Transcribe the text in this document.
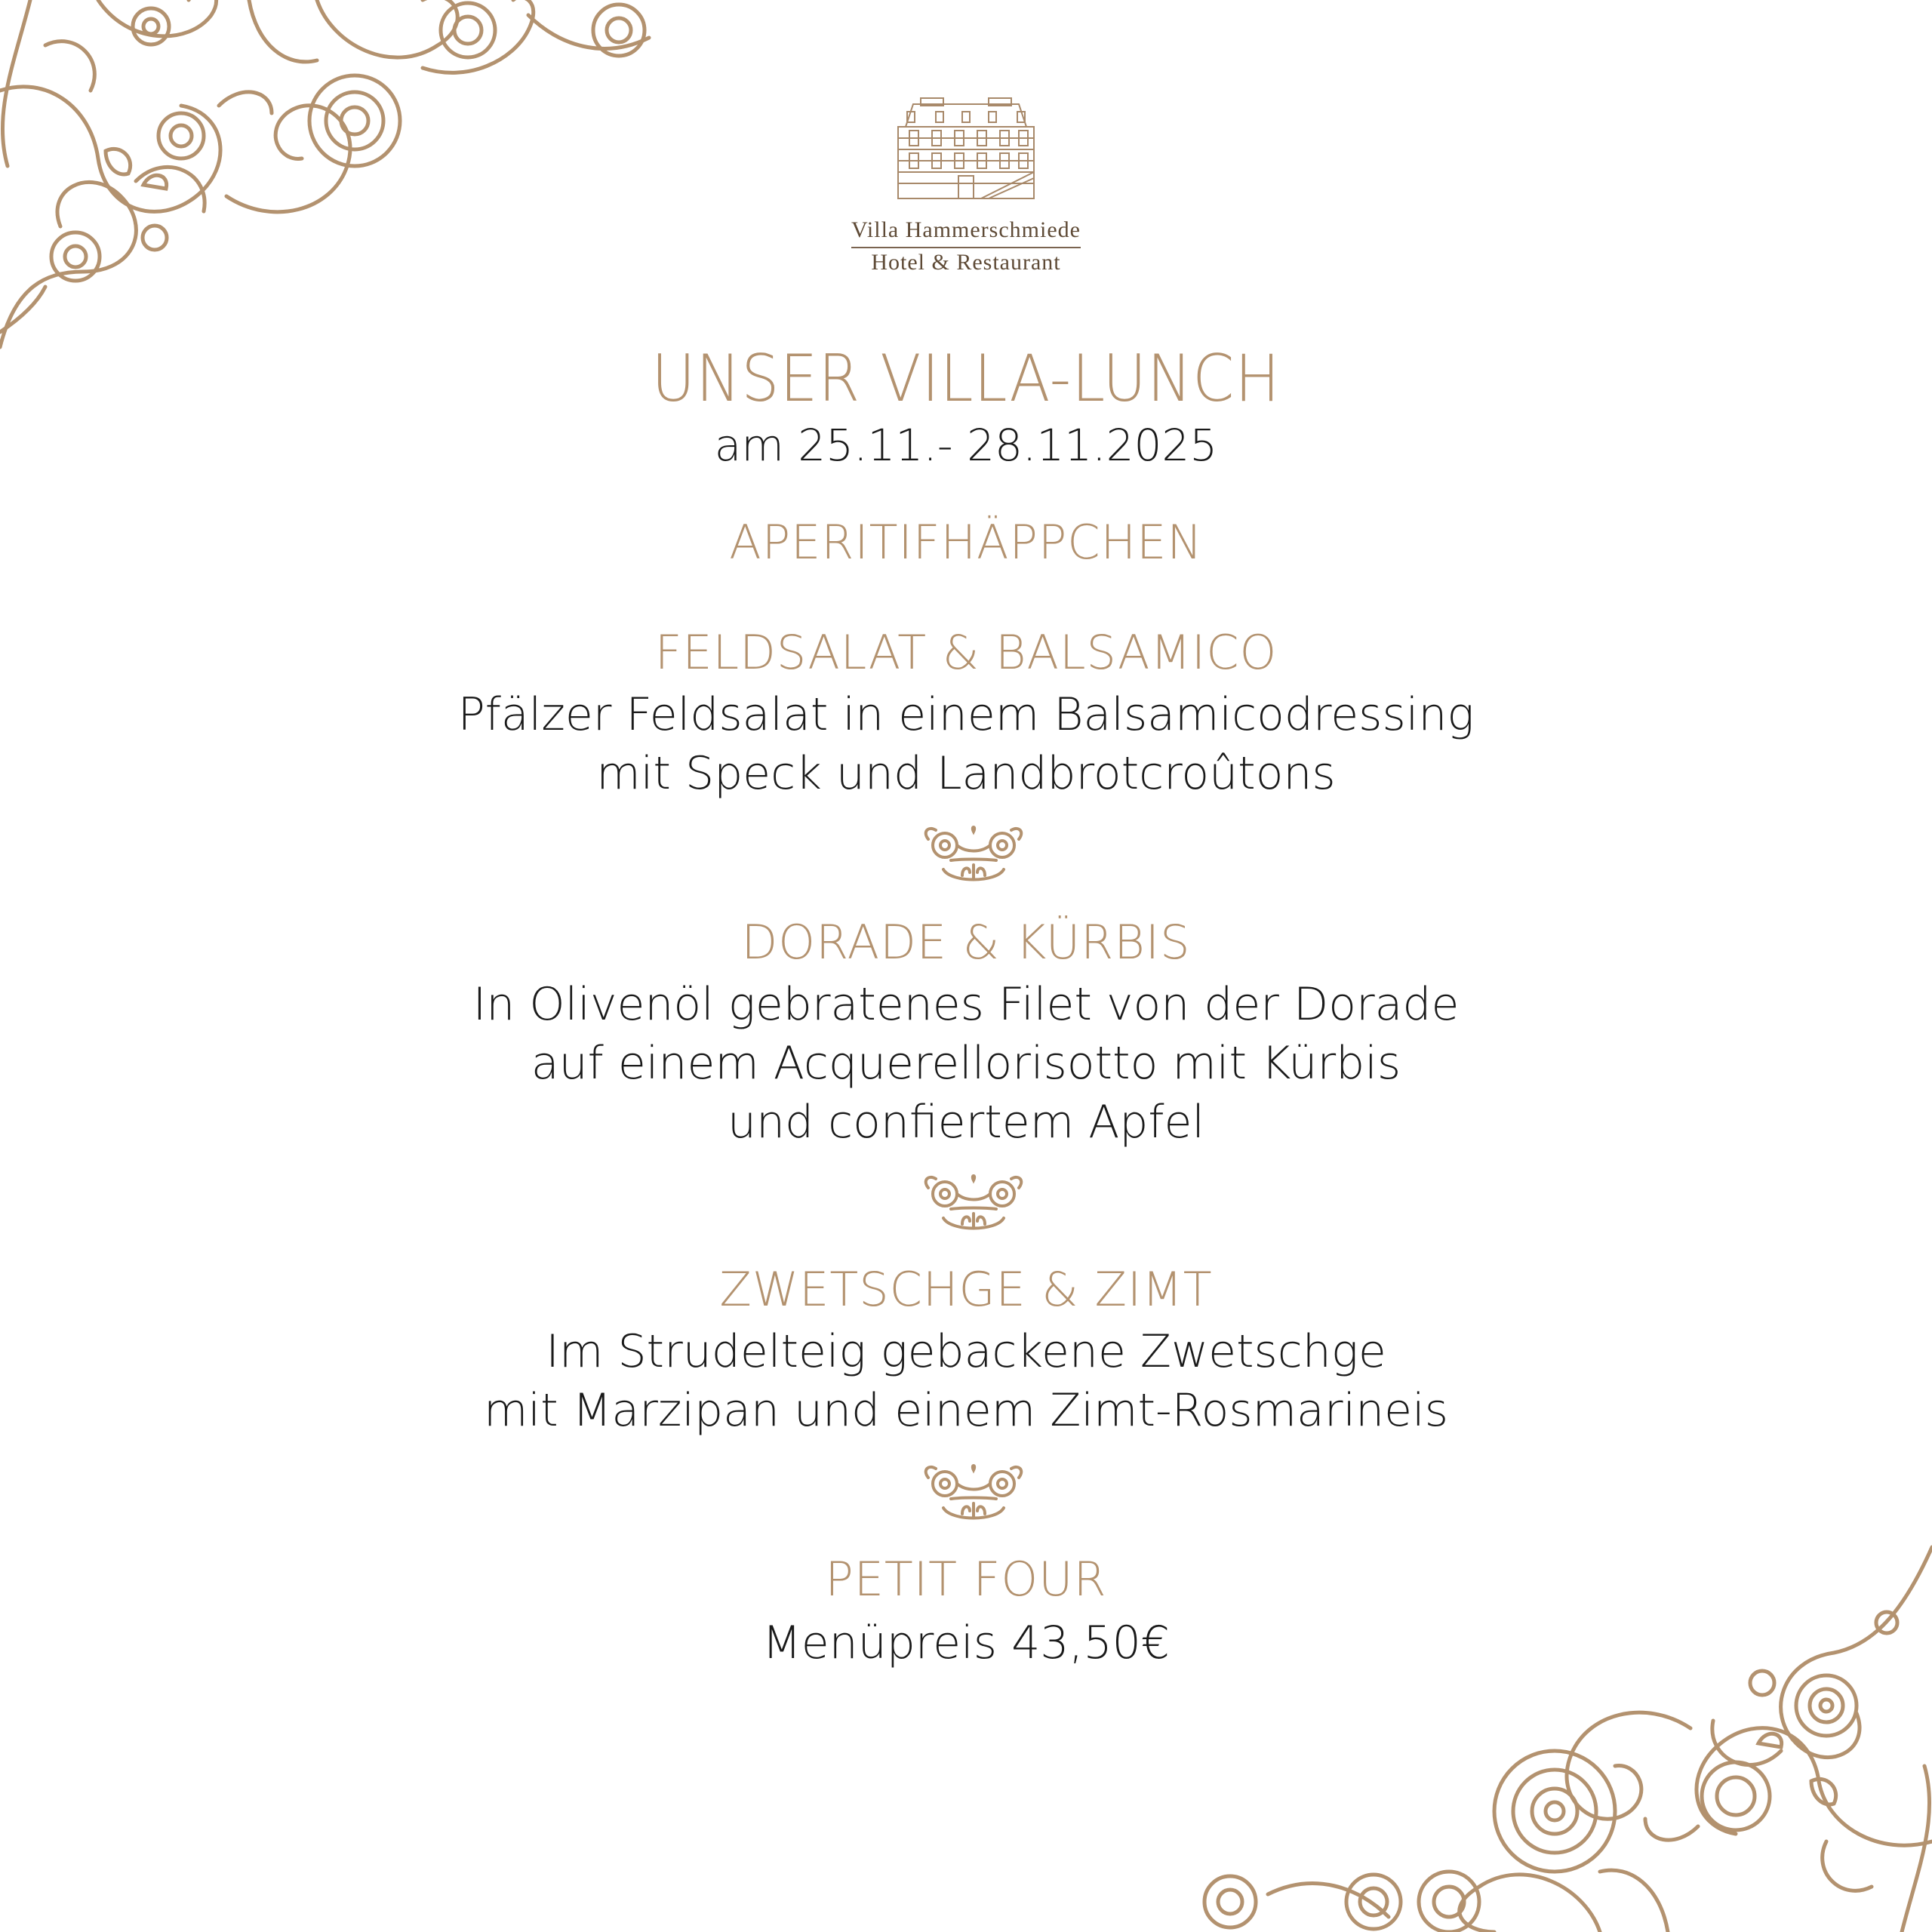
Villa Hammerschmiede
Hotel & Restaurant
UNSER VILLA-LUNCH
am 25.11.- 28.11.2025
APERITIFHÄPPCHEN
FELDSALAT & BALSAMICO
Pfälzer Feldsalat in einem Balsamicodressing
mit Speck und Landbrotcroûtons
DORADE & KÜRBIS
In Olivenöl gebratenes Filet von der Dorade
auf einem Acquerellorisotto mit Kürbis
und confiertem Apfel
ZWETSCHGE & ZIMT
Im Strudelteig gebackene Zwetschge
mit Marzipan und einem Zimt-Rosmarineis
PETIT FOUR
Menüpreis 43,50€
